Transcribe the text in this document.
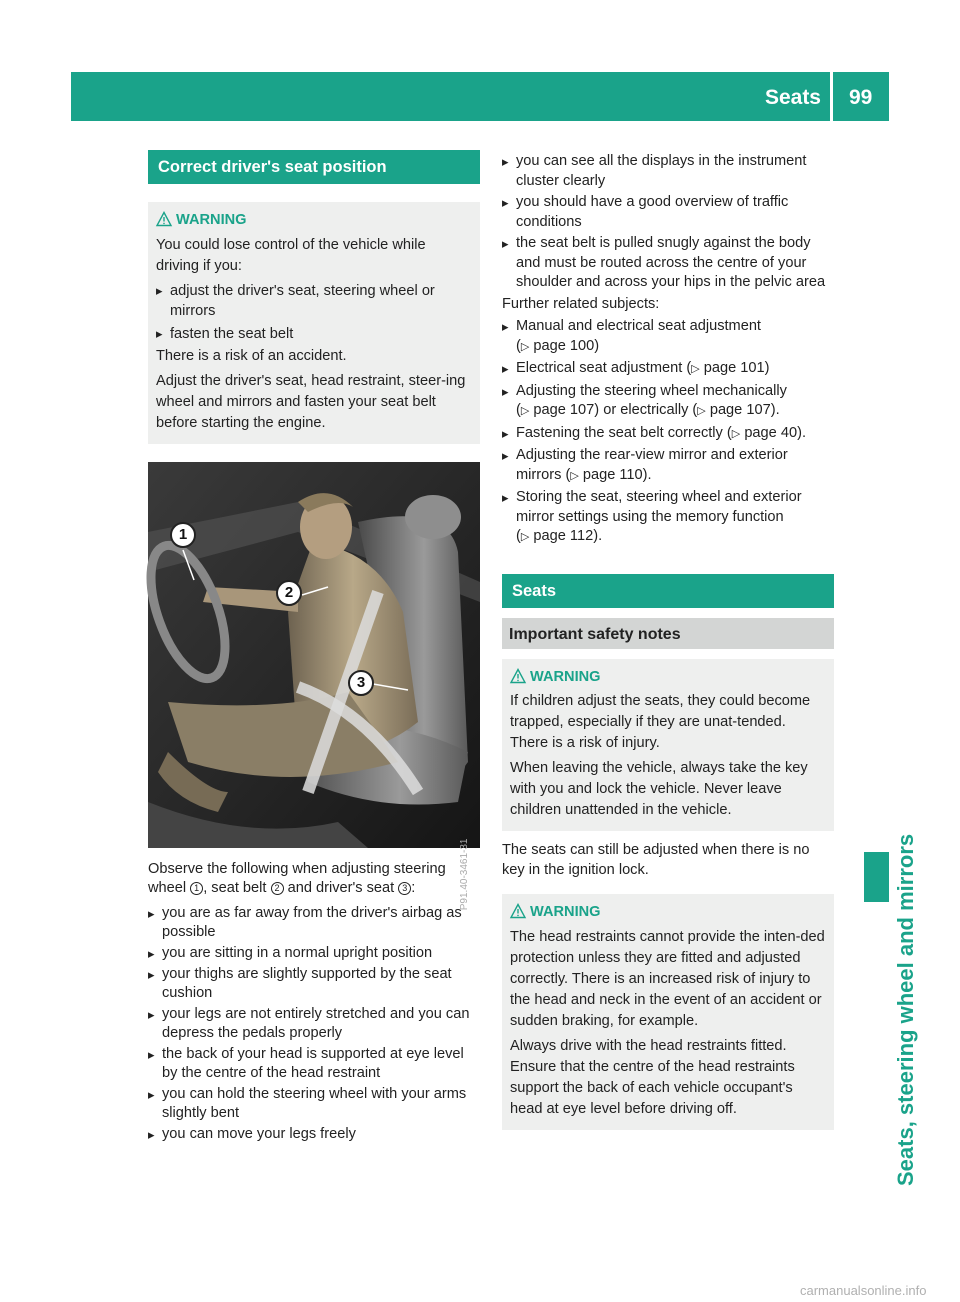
Seats 99
Seats, steering wheel and mirrors
Correct driver's seat position
WARNING

You could lose control of the vehicle while

driving if you:

▸ adjust the driver's seat, steering wheel or mirrors
▸ fasten the seat belt

There is a risk of an accident.

Adjust the driver's seat, head restraint, steer-ing wheel and mirrors and fasten your seat belt before starting the engine.

1
2
3
P91.40-3461-31
Observe the following when adjusting steering wheel 1 , seat belt 2 and driver's seat 3 :
▸ you are as far away from the driver's airbag as possible
▸ you are sitting in a normal upright position
▸ your thighs are slightly supported by the seat cushion
▸ your legs are not entirely stretched and you can depress the pedals properly
▸ the back of your head is supported at eye level by the centre of the head restraint
▸ you can hold the steering wheel with your arms slightly bent
▸ you can move your legs freely
▸ you can see all the displays in the instrument cluster clearly
▸ you should have a good overview of traffic conditions
▸ the seat belt is pulled snugly against the body and must be routed across the centre of your shoulder and across your hips in the pelvic area
Further related subjects:
▸ Manual and electrical seat adjustment
(▷ page 100)
▸ Electrical seat adjustment (▷ page 101)
▸ Adjusting the steering wheel mechanically
(▷ page 107) or electrically (▷ page 107).
▸ Fastening the seat belt correctly (▷ page 40).
▸ Adjusting the rear-view mirror and exterior mirrors (▷ page 110).
▸ Storing the seat, steering wheel and exterior mirror settings using the memory function
(▷ page 112).
Seats
Important safety notes
WARNING

If children adjust the seats, they could become trapped, especially if they are unat-tended. There is a risk of injury.

When leaving the vehicle, always take the key with you and lock the vehicle. Never leave children unattended in the vehicle.

The seats can still be adjusted when there is no key in the ignition lock.
WARNING

The head restraints cannot provide the inten-ded protection unless they are fitted and adjusted correctly. There is an increased risk of injury to the head and neck in the event of an accident or sudden braking, for example.

Always drive with the head restraints fitted. Ensure that the centre of the head restraints support the back of each vehicle occupant's head at eye level before driving off.

carmanualsonline.info
